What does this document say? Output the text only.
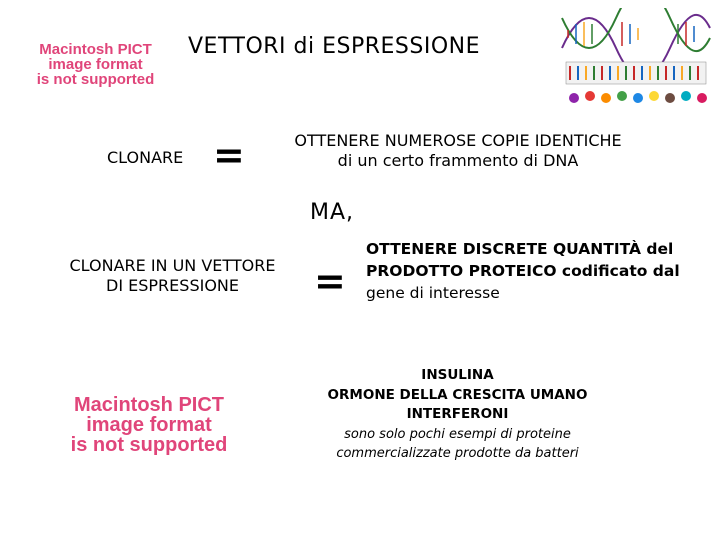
Macintosh PICT
image format
is not supported
VETTORI di ESPRESSIONE
CLONARE =	OTTENERE NUMEROSE COPIE IDENTICHE
di un certo frammento di DNA
MA,
CLONARE IN UN VETTORE
DI ESPRESSIONE	=
OTTENERE DISCRETE QUANTITÀ del
PRODOTTO PROTEICO codificato dal
gene di interesse
Macintosh PICT
image format
is not supported
INSULINA
ORMONE DELLA CRESCITA UMANO
INTERFERONI
sono solo pochi esempi di proteine
commercializzate prodotte da batteri
